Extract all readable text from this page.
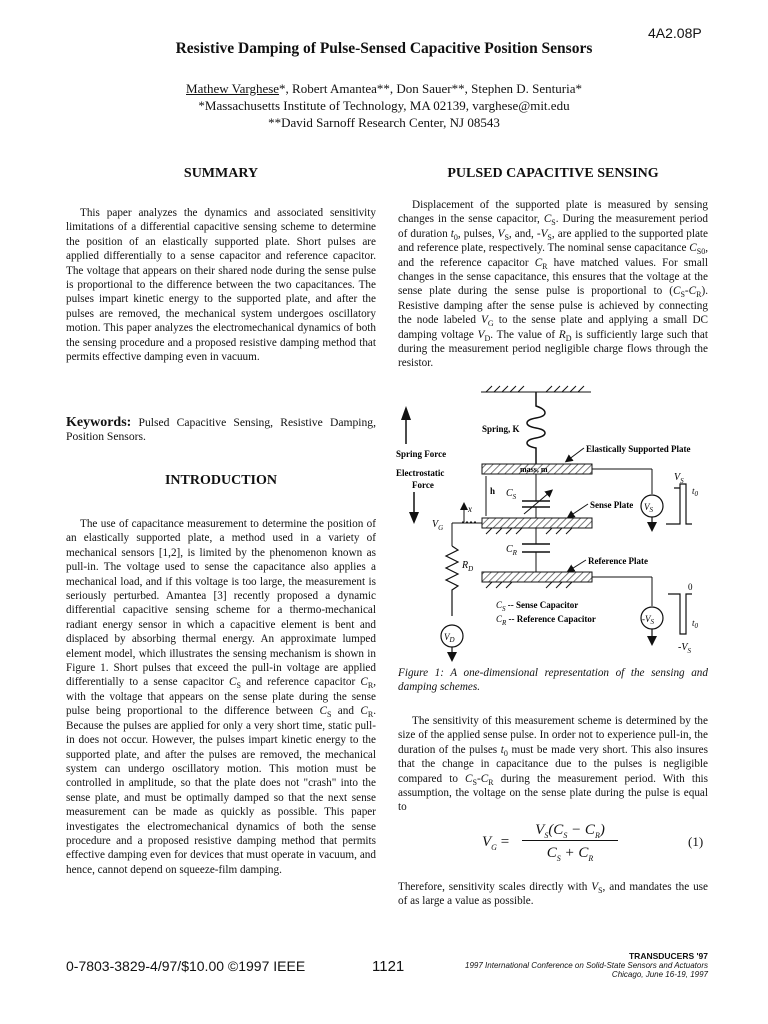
4A2.08P
Resistive Damping of Pulse-Sensed Capacitive Position Sensors
Mathew Varghese*, Robert Amantea**, Don Sauer**, Stephen D. Senturia*
*Massachusetts Institute of Technology, MA 02139, varghese@mit.edu
**David Sarnoff Research Center, NJ 08543
SUMMARY
This paper analyzes the dynamics and associated sensitivity limitations of a differential capacitive sensing scheme to determine the position of an elastically supported plate. Short pulses are applied differentially to a sense capacitor and reference capacitor. The voltage that appears on their shared node during the sense pulse is proportional to the difference between the two capacitances. The pulses impart kinetic energy to the supported plate, and after the pulses are removed, the mechanical system undergoes oscillatory motion. This paper analyzes the electromechanical dynamics of both the sensing procedure and a proposed resistive damping method that permits effective damping even in vacuum.
Keywords: Pulsed Capacitive Sensing, Resistive Damping, Position Sensors.
INTRODUCTION
The use of capacitance measurement to determine the position of an elastically supported plate, a method used in a variety of mechanical sensors [1,2], is limited by the phenomenon known as pull-in. The voltage used to sense the capacitance also applies a mechanical load, and if this voltage is too large, the measurement is seriously perturbed. Amantea [3] recently proposed a dynamic differential capacitive sensing scheme for a thermo-mechanical radiant energy sensor in which a capacitive element is bent and displaced by absorbing thermal energy. An approximate lumped element model, which illustrates the sensing mechanism is shown in Figure 1. Short pulses that exceed the pull-in voltage are applied differentially to a sense capacitor $C_S$ and reference capacitor $C_R$, with the voltage that appears on the sense plate during the sense pulse being proportional to the difference between $C_S$ and $C_R$. Because the pulses are applied for only a very short time, static pull-in does not occur. However, the pulses impart kinetic energy to the supported plate, and after the pulses are removed, the mechanical system can undergo oscillatory motion. This motion must be controlled in amplitude, so that the plate does not "crash" into the sense plate, and must be optimally damped so that the next sense measurement can be made as quickly as possible. This paper investigates the electromechanical dynamics of both the sense procedure and a proposed resistive damping method that permits effective damping even for devices that must operate in vacuum, and hence, cannot depend on squeeze-film damping.
PULSED CAPACITIVE SENSING
Displacement of the supported plate is measured by sensing changes in the sense capacitor, $C_S$. During the measurement period of duration $t_0$, pulses, $V_S$, and, $-V_S$, are applied to the supported plate and reference plate, respectively. The nominal sense capacitance $C_{S0}$, and the reference capacitor $C_R$ have matched values. For small changes in the sense capacitance, this ensures that the voltage at the sense plate during the sense pulse is proportional to $(C_S-C_R)$. Resistive damping after the sense pulse is achieved by connecting the node labeled $V_G$ to the sense plate and applying a small DC damping voltage $V_D$. The value of $R_D$ is sufficiently large such that during the measurement period negligible charge flows through the resistor.
Spring, K
Spring Force
Electrostatic
Force
mass, m
Elastically Supported Plate
h $C_S$
x	Sense Plate
$V_G$
$C_R$
$R_D$
Reference Plate
$V_D$
$C_S$ -- Sense Capacitor
$C_R$ -- Reference Capacitor
$V_S$
$V_S$
$t_0$
$-V_S$
0
$t_0$
$-V_S$
Figure 1: A one-dimensional representation of the sensing and damping schemes.
The sensitivity of this measurement scheme is determined by the size of the applied sense pulse. In order not to experience pull-in, the duration of the pulses $t_0$ must be made very short. This also insures that the change in capacitance due to the pulses is negligible compared to $C_S-C_R$ during the measurement period. With this assumption, the voltage on the sense plate during the pulse is equal to
$V_G$ =
$V_S(C_S - C_R)$
$C_S + C_R$
(1)
Therefore, sensitivity scales directly with $V_S$, and mandates the use of as large a value as possible.
0-7803-3829-4/97/$10.00 ©1997 IEEE	1121
TRANSDUCERS '97
1997 International Conference on Solid-State Sensors and Actuators
Chicago, June 16-19, 1997
